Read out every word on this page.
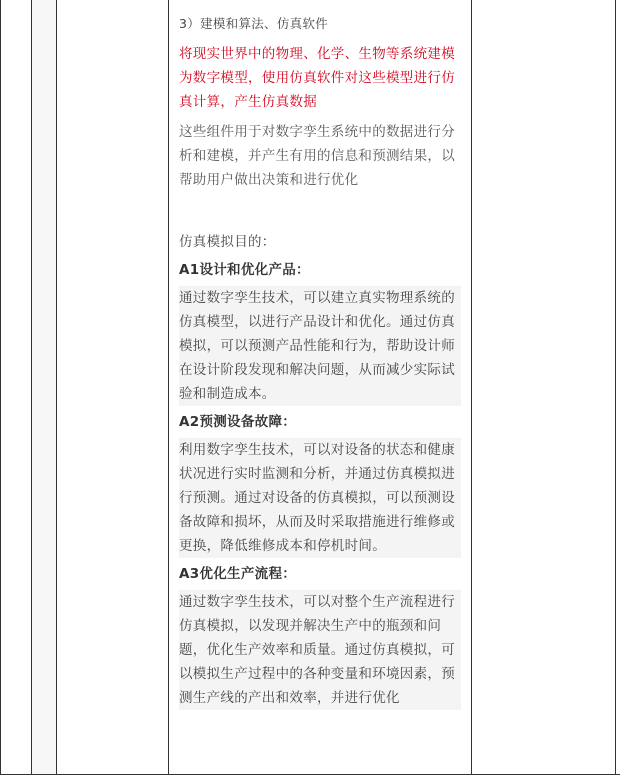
3）建模和算法、仿真软件

将现实世界中的物理、化学、生物等系统建模为数字模型，使用仿真软件对这些模型进行仿真计算，产生仿真数据

这些组件用于对数字孪生系统中的数据进行分析和建模，并产生有用的信息和预测结果，以帮助用户做出决策和进行优化

仿真模拟目的：

A1设计和优化产品：

通过数字孪生技术，可以建立真实物理系统的仿真模型，以进行产品设计和优化。通过仿真模拟，可以预测产品性能和行为，帮助设计师在设计阶段发现和解决问题，从而减少实际试验和制造成本。

A2预测设备故障：

利用数字孪生技术，可以对设备的状态和健康状况进行实时监测和分析，并通过仿真模拟进行预测。通过对设备的仿真模拟，可以预测设备故障和损坏，从而及时采取措施进行维修或更换，降低维修成本和停机时间。

A3优化生产流程：

通过数字孪生技术，可以对整个生产流程进行仿真模拟，以发现并解决生产中的瓶颈和问题，优化生产效率和质量。通过仿真模拟，可以模拟生产过程中的各种变量和环境因素，预测生产线的产出和效率，并进行优化
